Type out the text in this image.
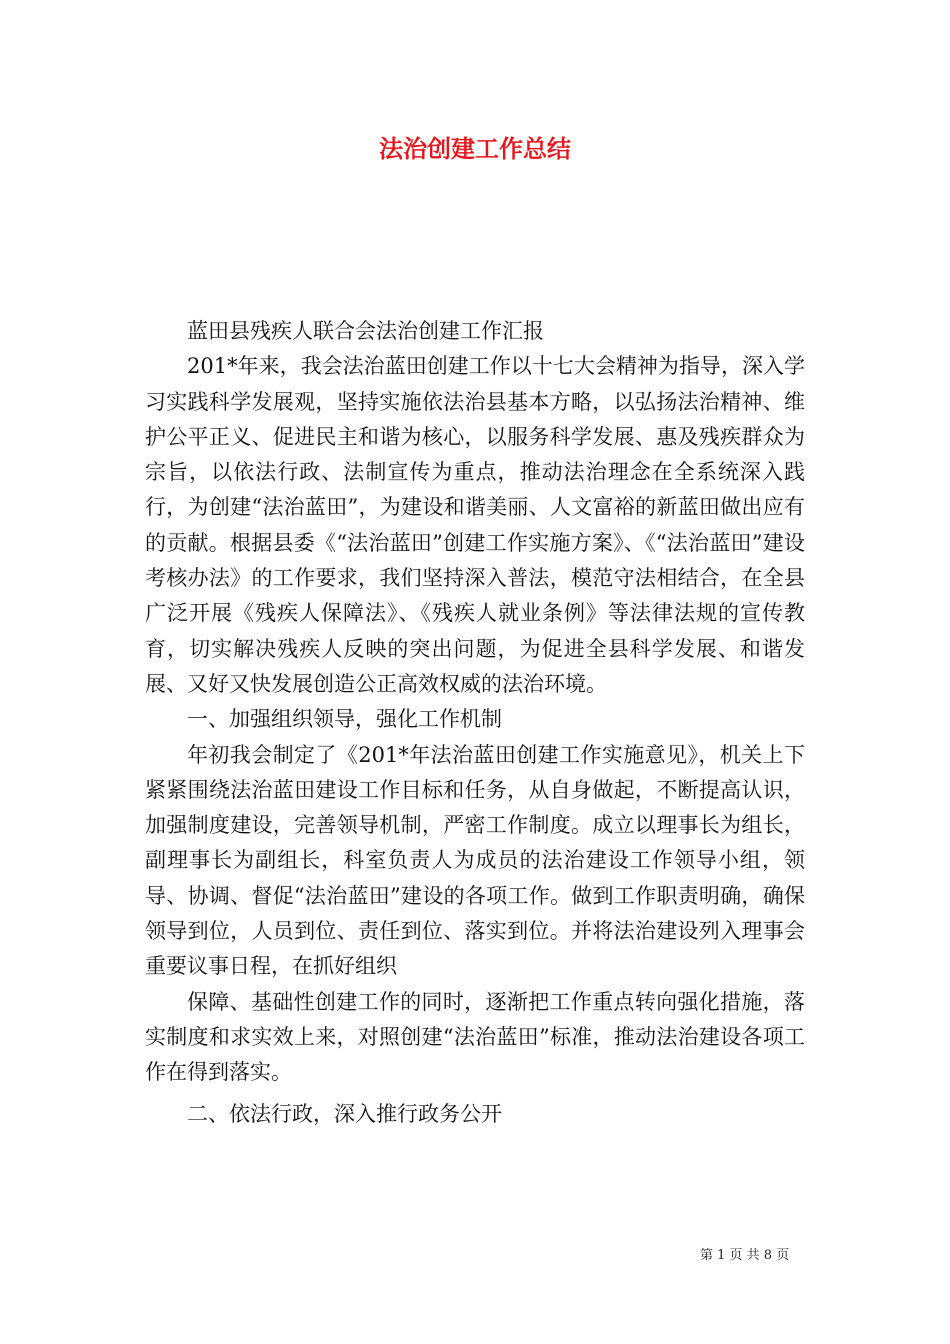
法治创建工作总结

蓝田县残疾人联合会法治创建工作汇报

201*年来，我会法治蓝田创建工作以十七大会精神为指导，深入学习实践科学发展观，坚持实施依法治县基本方略，以弘扬法治精神、维护公平正义、促进民主和谐为核心，以服务科学发展、惠及残疾群众为宗旨，以依法行政、法制宣传为重点，推动法治理念在全系统深入践行，为创建“法治蓝田”，为建设和谐美丽、人文富裕的新蓝田做出应有的贡献。根据县委《“法治蓝田”创建工作实施方案》、《“法治蓝田”建设考核办法》的工作要求，我们坚持深入普法，模范守法相结合，在全县广泛开展《残疾人保障法》、《残疾人就业条例》等法律法规的宣传教育，切实解决残疾人反映的突出问题，为促进全县科学发展、和谐发展、又好又快发展创造公正高效权威的法治环境。

一、加强组织领导，强化工作机制

年初我会制定了《201*年法治蓝田创建工作实施意见》，机关上下紧紧围绕法治蓝田建设工作目标和任务，从自身做起，不断提高认识，加强制度建设，完善领导机制，严密工作制度。成立以理事长为组长，副理事长为副组长，科室负责人为成员的法治建设工作领导小组，领导、协调、督促“法治蓝田”建设的各项工作。做到工作职责明确，确保领导到位，人员到位、责任到位、落实到位。并将法治建设列入理事会重要议事日程，在抓好组织

保障、基础性创建工作的同时，逐渐把工作重点转向强化措施，落实制度和求实效上来，对照创建“法治蓝田”标准，推动法治建设各项工作在得到落实。

二、依法行政，深入推行政务公开

第 1 页 共 8 页
